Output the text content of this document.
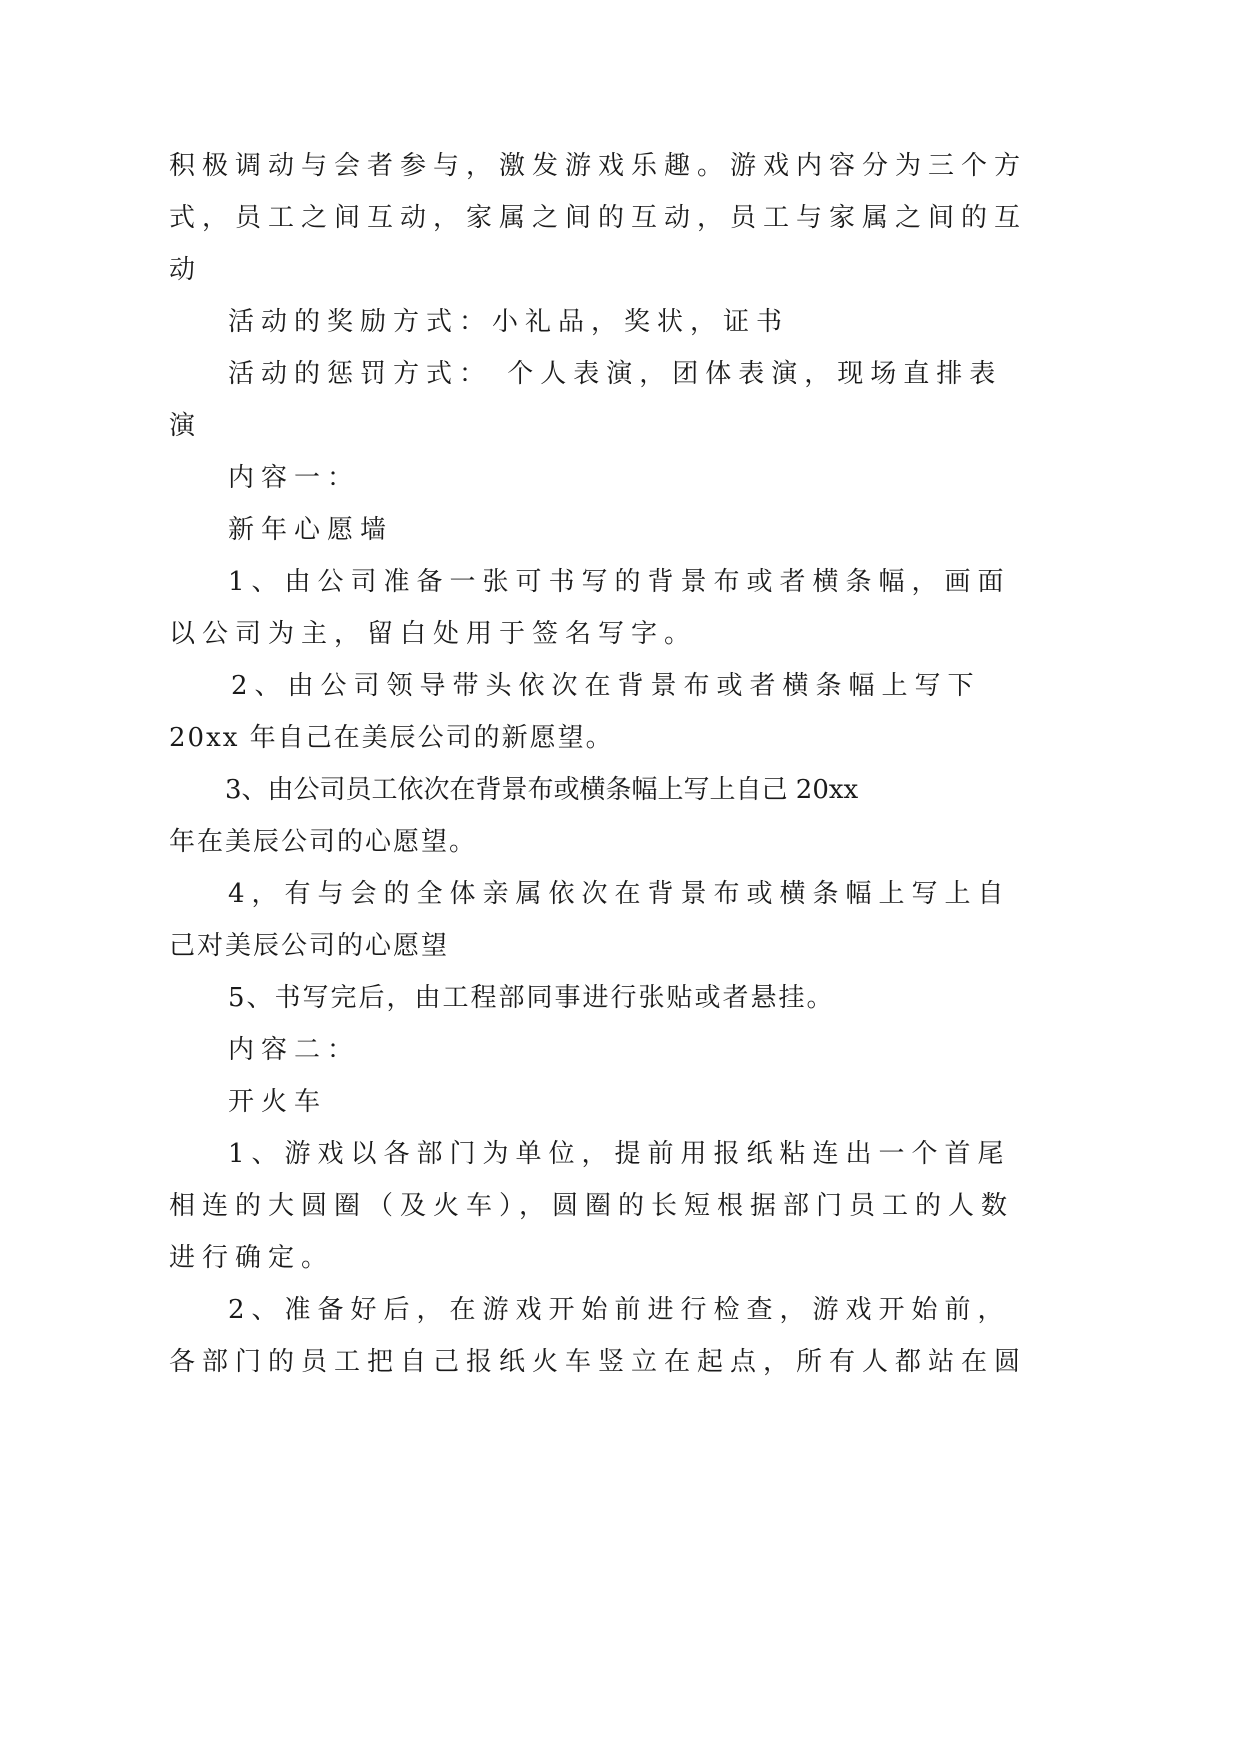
积极调动与会者参与，激发游戏乐趣。游戏内容分为三个方
式，员工之间互动，家属之间的互动，员工与家属之间的互
动
活动的奖励方式：小礼品，奖状，证书
活动的惩罚方式： 个人表演，团体表演，现场直排表
演
内容一：
新年心愿墙
1、由公司准备一张可书写的背景布或者横条幅，画面
以公司为主，留白处用于签名写字。
2、由公司领导带头依次在背景布或者横条幅上写下
20xx 年自己在美辰公司的新愿望。
3、由公司员工依次在背景布或横条幅上写上自己 20xx
年在美辰公司的心愿望。
4，有与会的全体亲属依次在背景布或横条幅上写上自
己对美辰公司的心愿望
5、书写完后，由工程部同事进行张贴或者悬挂。
内容二：
开火车
1、游戏以各部门为单位，提前用报纸粘连出一个首尾
相连的大圆圈（及火车），圆圈的长短根据部门员工的人数
进行确定。
2、准备好后，在游戏开始前进行检查，游戏开始前，
各部门的员工把自己报纸火车竖立在起点，所有人都站在圆
